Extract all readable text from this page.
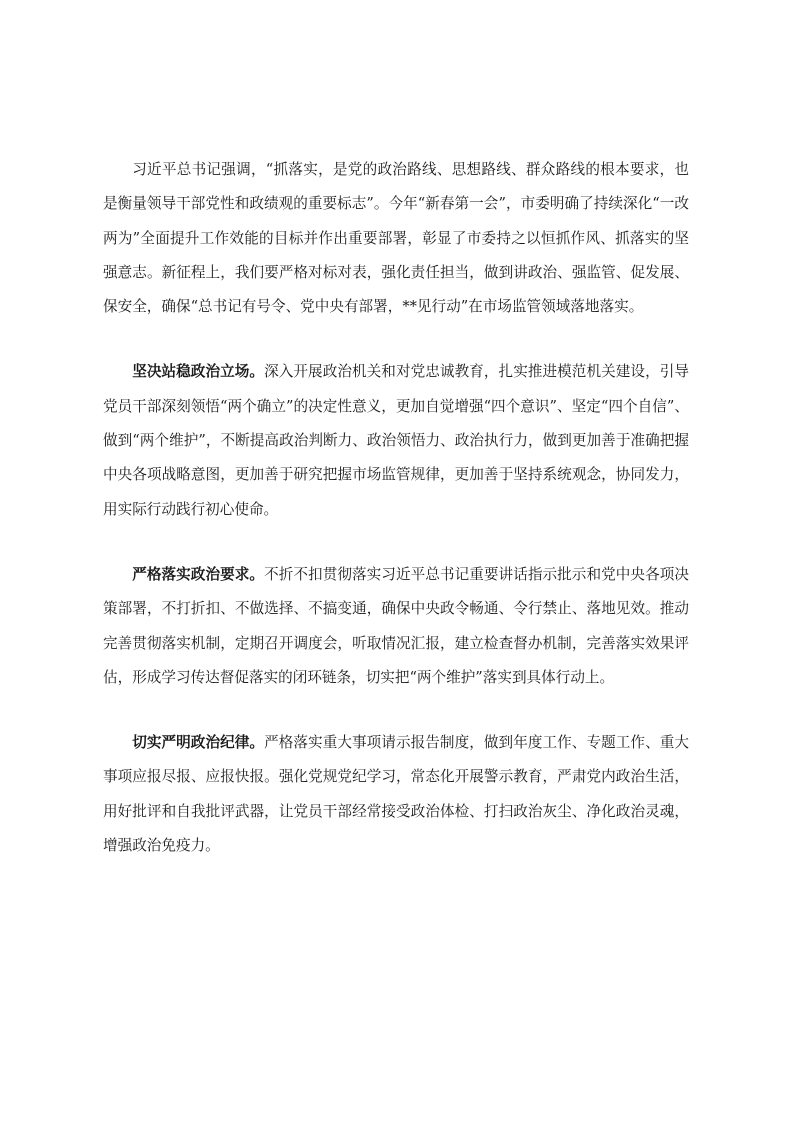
习近平总书记强调，“抓落实，是党的政治路线、思想路线、群众路线的根本要求，也是衡量领导干部党性和政绩观的重要标志”。今年“新春第一会”，市委明确了持续深化“一改两为”全面提升工作效能的目标并作出重要部署，彰显了市委持之以恒抓作风、抓落实的坚强意志。新征程上，我们要严格对标对表，强化责任担当，做到讲政治、强监管、促发展、保安全，确保“总书记有号令、党中央有部署，**见行动”在市场监管领域落地落实。

坚决站稳政治立场。深入开展政治机关和对党忠诚教育，扎实推进模范机关建设，引导党员干部深刻领悟“两个确立”的决定性意义，更加自觉增强“四个意识”、坚定“四个自信”、做到“两个维护”，不断提高政治判断力、政治领悟力、政治执行力，做到更加善于准确把握中央各项战略意图，更加善于研究把握市场监管规律，更加善于坚持系统观念，协同发力，用实际行动践行初心使命。

严格落实政治要求。不折不扣贯彻落实习近平总书记重要讲话指示批示和党中央各项决策部署，不打折扣、不做选择、不搞变通，确保中央政令畅通、令行禁止、落地见效。推动完善贯彻落实机制，定期召开调度会，听取情况汇报，建立检查督办机制，完善落实效果评估，形成学习传达督促落实的闭环链条，切实把“两个维护”落实到具体行动上。

切实严明政治纪律。严格落实重大事项请示报告制度，做到年度工作、专题工作、重大事项应报尽报、应报快报。强化党规党纪学习，常态化开展警示教育，严肃党内政治生活，用好批评和自我批评武器，让党员干部经常接受政治体检、打扫政治灰尘、净化政治灵魂，增强政治免疫力。
